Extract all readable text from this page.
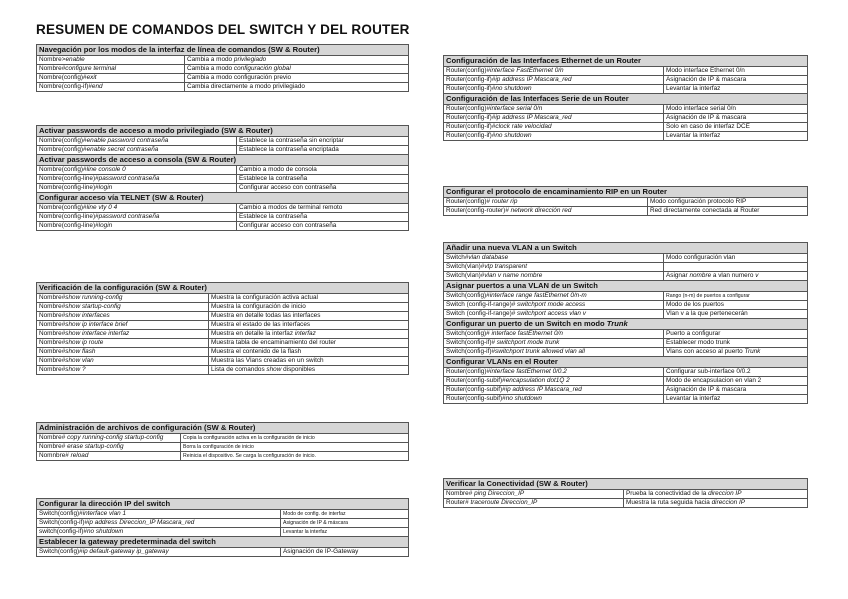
RESUMEN DE COMANDOS DEL SWITCH Y DEL ROUTER
Navegación por los modos de la interfaz de línea de comandos (SW & Router)	
Nombre>enable	Cambia a modo privilegiado
Nombre#configure terminal	Cambia a modo configuración global
Nombre(config)#exit	Cambia a modo configuración previo
Nombre(config-if)#end	Cambia directamente a modo privilegiado
Activar passwords de acceso a modo privilegiado (SW & Router)	
Nombre(config)#enable password contraseña	Establece la contraseña sin encriptar
Nombre(config)#enable secret contraseña	Establece la contraseña encriptada
Activar passwords de acceso a consola (SW & Router)	
Nombre(config)#line console 0	Cambio a modo de consola
Nombre(config-line)#password contraseña	Establece la contraseña
Nombre(config-line)#login	Configurar acceso con contraseña
Configurar acceso vía TELNET (SW & Router)	
Nombre(config)#line vty 0 4	Cambio a modos de terminal remoto
Nombre(config-line)#password contraseña	Establece la contraseña
Nombre(config-line)#login	Configurar acceso con contraseña
Verificación de la configuración (SW & Router)	
Nombre#show running-config	Muestra la configuración activa actual
Nombre#show startup-config	Muestra la configuración de inicio
Nombre#show interfaces	Muestra en detalle todas las interfaces
Nombre#show ip interface brief	Muestra el estado de las interfaces
Nombre#show interface interfaz	Muestra en detalle la interfaz interfaz
Nombre#show ip route	Muestra tabla de encaminamiento del router
Nombre#show flash	Muestra el contenido de la flash
Nombre#show vlan	Muestra las Vlans creadas en un switch
Nombre#show ?	Lista de comandos show disponibles
Administración de archivos de configuración (SW & Router)	
Nombre# copy running-config startup-config	Copia la configuración activa en la configuración de inicio
Nombre# erase startup-config	Borra la configuración de inicio
Nomnbre# reload	Reinicia el dispositivo. Se carga la configuración de inicio.
Configurar la dirección IP del switch	
Switch(config)#interface vlan 1	Modo de config. de interfaz
Switch(config-if)#ip address Direccion_IP Mascara_red	Asignación de IP & máscara
switch(config-if)#no shutdown	Levantar la interfaz
Establecer la gateway predeterminada del switch	
Switch(config)#ip default-gateway ip_gateway	Asignación de IP-Gateway
Configuración de las Interfaces Ethernet de un Router	
Router(config)#interface FastEthernet 0/n	Modo interface Ethernet 0/n
Router(config-if)#ip address IP Mascara_red	Asignación de IP & mascara
Router(config-if)#no shutdown	Levantar la interfaz
Configuración de las Interfaces Serie de un Router	
Router(config)#interface serial 0/n	Modo interface serial 0/n
Router(config-if)#ip address IP Mascara_red	Asignación de IP & mascara
Router(config-if)#clock rate velocidad	Solo en caso de interfaz DCE
Router(config-if)#no shutdown	Levantar la interfaz
Configurar el protocolo de encaminamiento RIP en un Router	
Router(config)# router rip	Modo configuración protocolo RIP
Router(config-router)# network dirección red	Red directamente conectada al Router
Añadir una nueva VLAN a un Switch	
Switch#vlan database	Modo configuración vlan
Switch(vlan)#vtp transparent	
Switch(vlan)#vlan v name nombre	Asignar nombre a vlan numero v
Asignar puertos a una VLAN de un Switch	
Switch(config)#interface range fastEthernet 0/n-m	Rango (n-m) de puertos a configurar
Switch (config-if-range)# switchport mode access	Modo de los puertos
Switch (config-if-range)# switchport access vlan v	Vlan v a la que pertenecerán
Configurar un puerto de un Switch en modo Trunk	
Switch(config)# interface fastEthernet 0/n	Puerto a configurar
Switch(config-if)# switchport mode trunk	Establecer modo trunk
Switch(config-if)#switchport trunk allowed vlan all	Vlans con acceso al puerto Trunk
Configurar VLANs en el Router	
Router(config)#interface fastEthernet 0/0.2	Configurar sub-interface 0/0.2
Router(config-subif)#encapsulation dot1Q 2	Modo de encapsulacion en vlan 2
Router(config-subif)#ip address IP Mascara_red	Asignación de IP & mascara
Router(config-subif)#no shutdown	Levantar la interfaz
Verificar la Conectividad (SW & Router)	
Nombre# ping Direccion_IP	Prueba la conectividad de la direccion IP
Router# traceroute Direccion_IP	Muestra la ruta seguida hacia direccion IP
